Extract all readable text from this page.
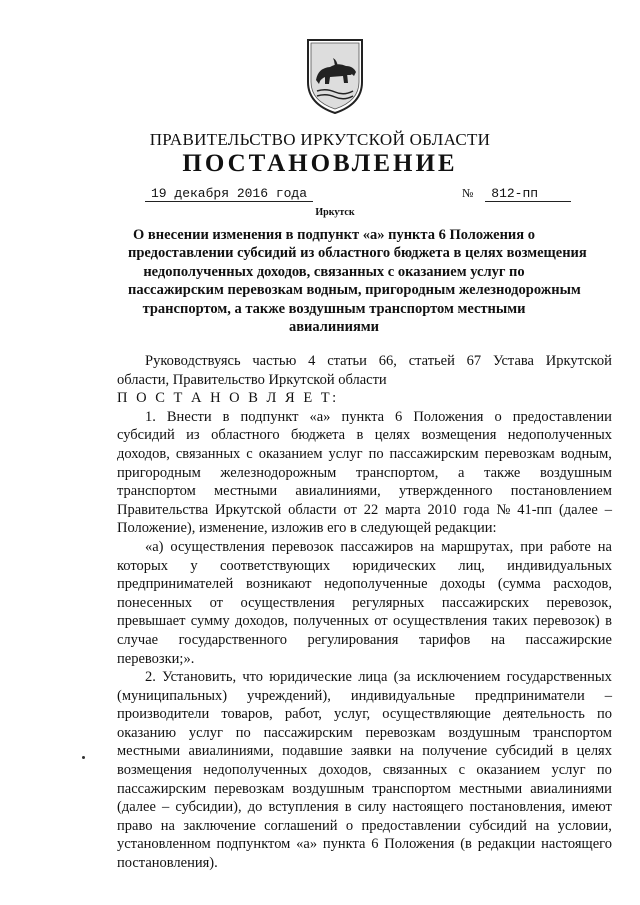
ПРАВИТЕЛЬСТВО ИРКУТСКОЙ ОБЛАСТИ
ПОСТАНОВЛЕНИЕ
19 декабря 2016 года	№ 812-пп
Иркутск
О внесении изменения в подпункт «а» пункта 6 Положения о
предоставлении субсидий из областного бюджета в целях возмещения
недополученных доходов, связанных с оказанием услуг по
пассажирским перевозкам водным, пригородным железнодорожным
транспортом, а также воздушным транспортом местными
авиалиниями
Руководствуясь частью 4 статьи 66, статьей 67 Устава Иркутской
области, Правительство Иркутской области
П О С Т А Н О В Л Я Е Т:
1. Внести в подпункт «а» пункта 6 Положения о предоставлении
субсидий из областного бюджета в целях возмещения недополученных
доходов, связанных с оказанием услуг по пассажирским перевозкам водным,
пригородным железнодорожным транспортом, а также воздушным
транспортом местными авиалиниями, утвержденного постановлением
Правительства Иркутской области от 22 марта 2010 года № 41-пп (далее –
Положение), изменение, изложив его в следующей редакции:
«а) осуществления перевозок пассажиров на маршрутах, при работе на
которых у соответствующих юридических лиц, индивидуальных
предпринимателей возникают недополученные доходы (сумма расходов,
понесенных от осуществления регулярных пассажирских перевозок,
превышает сумму доходов, полученных от осуществления таких перевозок) в
случае государственного регулирования тарифов на пассажирские
перевозки;».
2. Установить, что юридические лица (за исключением государственных
(муниципальных) учреждений), индивидуальные предприниматели –
производители товаров, работ, услуг, осуществляющие деятельность по
оказанию услуг по пассажирским перевозкам воздушным транспортом
местными авиалиниями, подавшие заявки на получение субсидий в целях
возмещения недополученных доходов, связанных с оказанием услуг по
пассажирским перевозкам воздушным транспортом местными авиалиниями
(далее – субсидии), до вступления в силу настоящего постановления, имеют
право на заключение соглашений о предоставлении субсидий на условии,
установленном подпунктом «а» пункта 6 Положения (в редакции настоящего
постановления).
